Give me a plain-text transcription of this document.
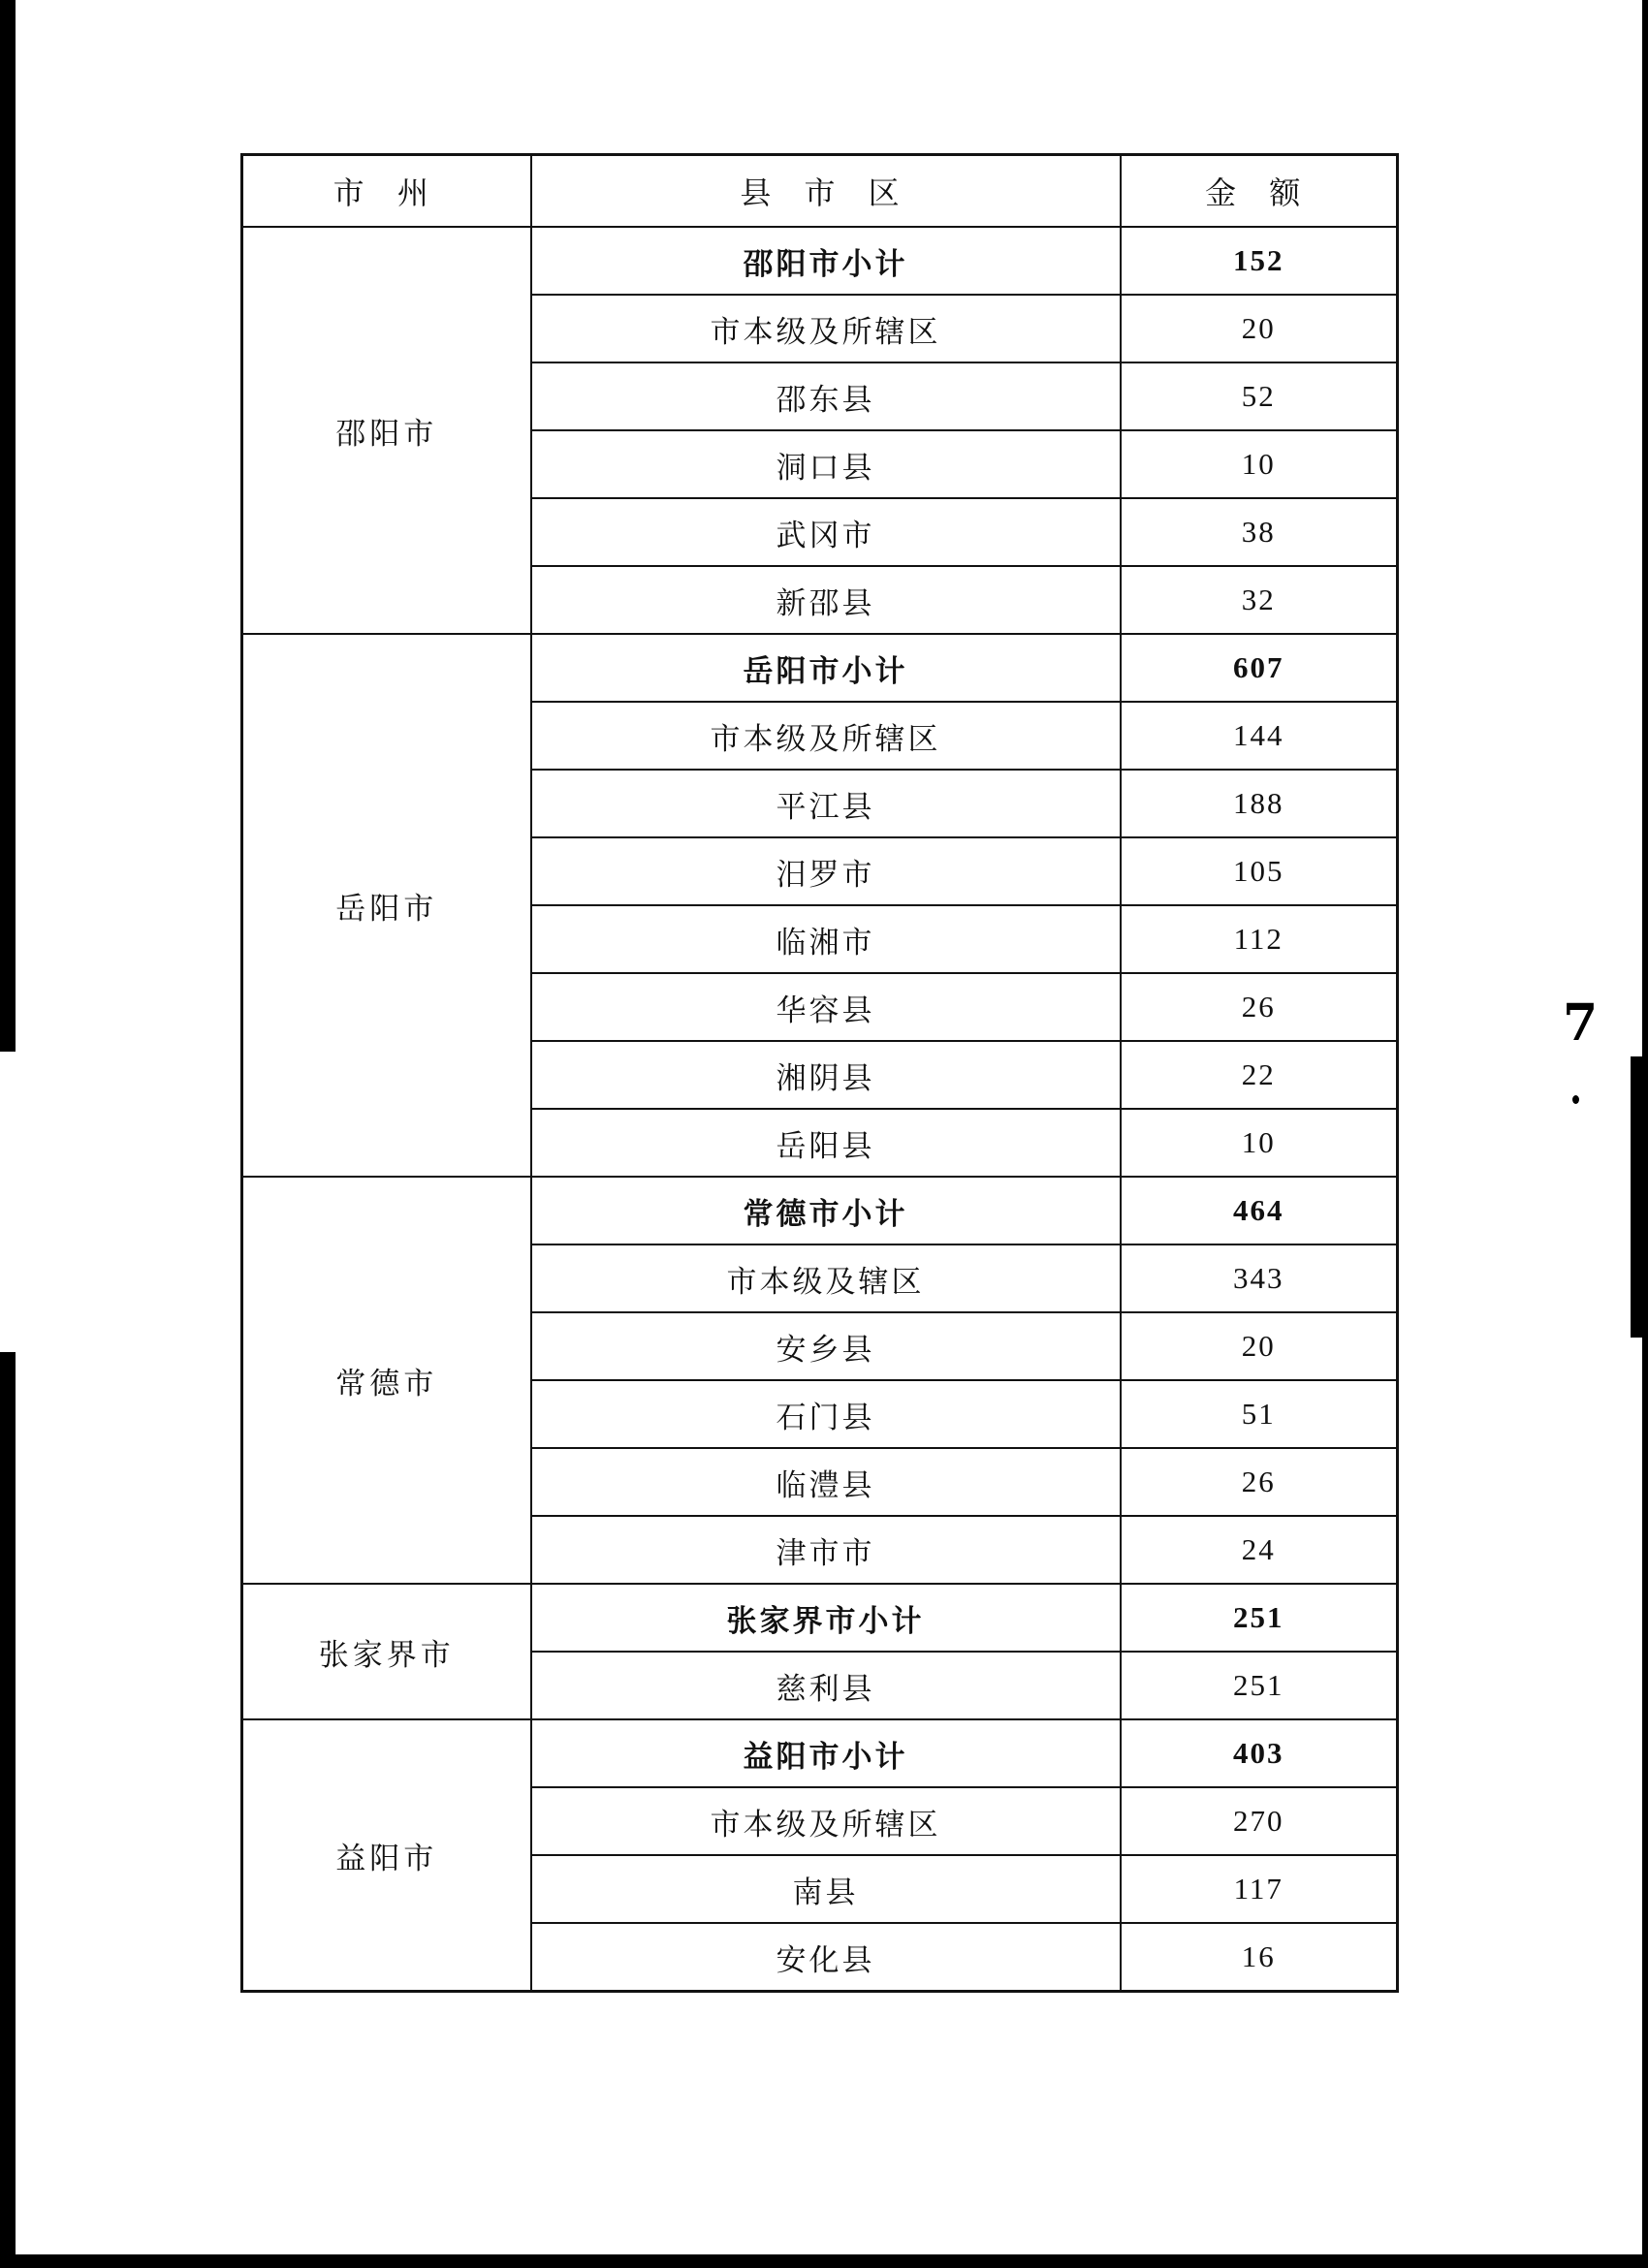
7
市 州	县 市 区	金 额
邵阳市	邵阳市小计	152
	市本级及所辖区	20
	邵东县	52
	洞口县	10
	武冈市	38
	新邵县	32
岳阳市	岳阳市小计	607
	市本级及所辖区	144
	平江县	188
	汨罗市	105
	临湘市	112
	华容县	26
	湘阴县	22
	岳阳县	10
常德市	常德市小计	464
	市本级及辖区	343
	安乡县	20
	石门县	51
	临澧县	26
	津市市	24
张家界市	张家界市小计	251
	慈利县	251
益阳市	益阳市小计	403
	市本级及所辖区	270
	南县	117
	安化县	16
